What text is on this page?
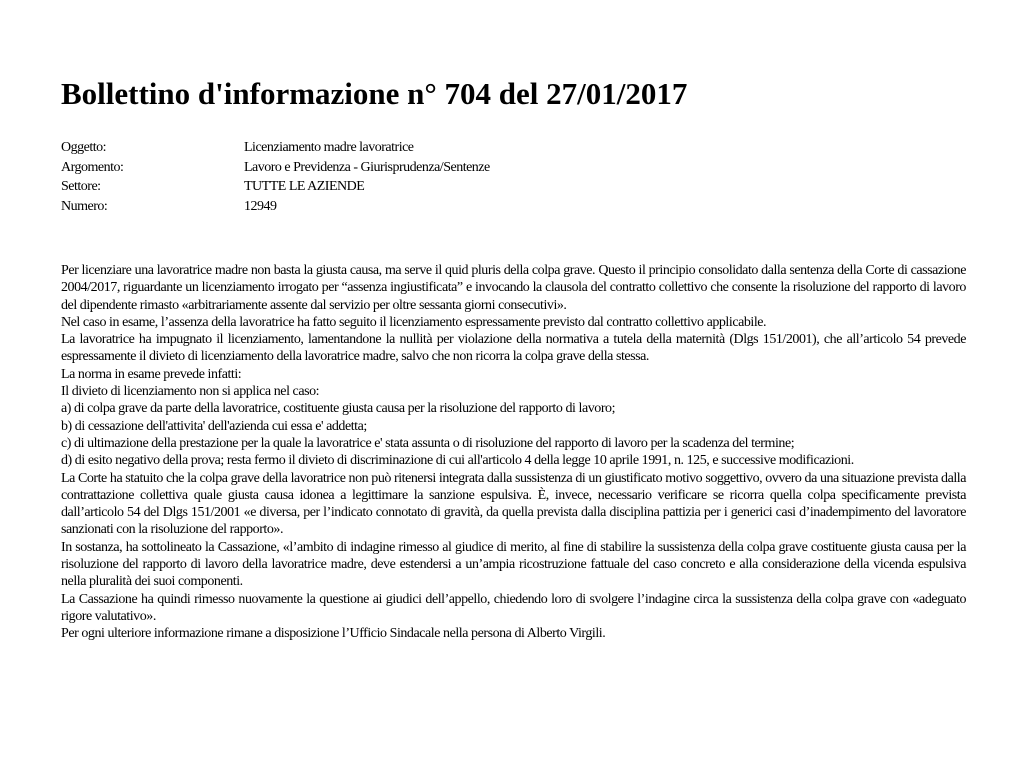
Bollettino d'informazione n° 704 del 27/01/2017
Oggetto:	Licenziamento madre lavoratrice
Argomento:	Lavoro e Previdenza - Giurisprudenza/Sentenze
Settore:	TUTTE LE AZIENDE
Numero:	12949

Per licenziare una lavoratrice madre non basta la giusta causa, ma serve il quid pluris della colpa grave. Questo il principio consolidato dalla sentenza della Corte di cassazione 2004/2017, riguardante un licenziamento irrogato per “assenza ingiustificata” e invocando la clausola del contratto collettivo che consente la risoluzione del rapporto di lavoro del dipendente rimasto «arbitrariamente assente dal servizio per oltre sessanta giorni consecutivi».

Nel caso in esame, l’assenza della lavoratrice ha fatto seguito il licenziamento espressamente previsto dal contratto collettivo applicabile.

La lavoratrice ha impugnato il licenziamento, lamentandone la nullità per violazione della normativa a tutela della maternità (Dlgs 151/2001), che all’articolo 54 prevede espressamente il divieto di licenziamento della lavoratrice madre, salvo che non ricorra la colpa grave della stessa.

La norma in esame prevede infatti:

Il divieto di licenziamento non si applica nel caso:

a) di colpa grave da parte della lavoratrice, costituente giusta causa per la risoluzione del rapporto di lavoro;

b) di cessazione dell'attivita' dell'azienda cui essa e' addetta;

c) di ultimazione della prestazione per la quale la lavoratrice e' stata assunta o di risoluzione del rapporto di lavoro per la scadenza del termine;

d) di esito negativo della prova; resta fermo il divieto di discriminazione di cui all'articolo 4 della legge 10 aprile 1991, n. 125, e successive modificazioni.

La Corte ha statuito che la colpa grave della lavoratrice non può ritenersi integrata dalla sussistenza di un giustificato motivo soggettivo, ovvero da una situazione prevista dalla contrattazione collettiva quale giusta causa idonea a legittimare la sanzione espulsiva. È, invece, necessario verificare se ricorra quella colpa specificamente prevista dall’articolo 54 del Dlgs 151/2001 «e diversa, per l’indicato connotato di gravità, da quella prevista dalla disciplina pattizia per i generici casi d’inadempimento del lavoratore sanzionati con la risoluzione del rapporto».

In sostanza, ha sottolineato la Cassazione, «l’ambito di indagine rimesso al giudice di merito, al fine di stabilire la sussistenza della colpa grave costituente giusta causa per la risoluzione del rapporto di lavoro della lavoratrice madre, deve estendersi a un’ampia ricostruzione fattuale del caso concreto e alla considerazione della vicenda espulsiva nella pluralità dei suoi componenti.

La Cassazione ha quindi rimesso nuovamente la questione ai giudici dell’appello, chiedendo loro di svolgere l’indagine circa la sussistenza della colpa grave con «adeguato rigore valutativo».

Per ogni ulteriore informazione rimane a disposizione l’Ufficio Sindacale nella persona di Alberto Virgili.
